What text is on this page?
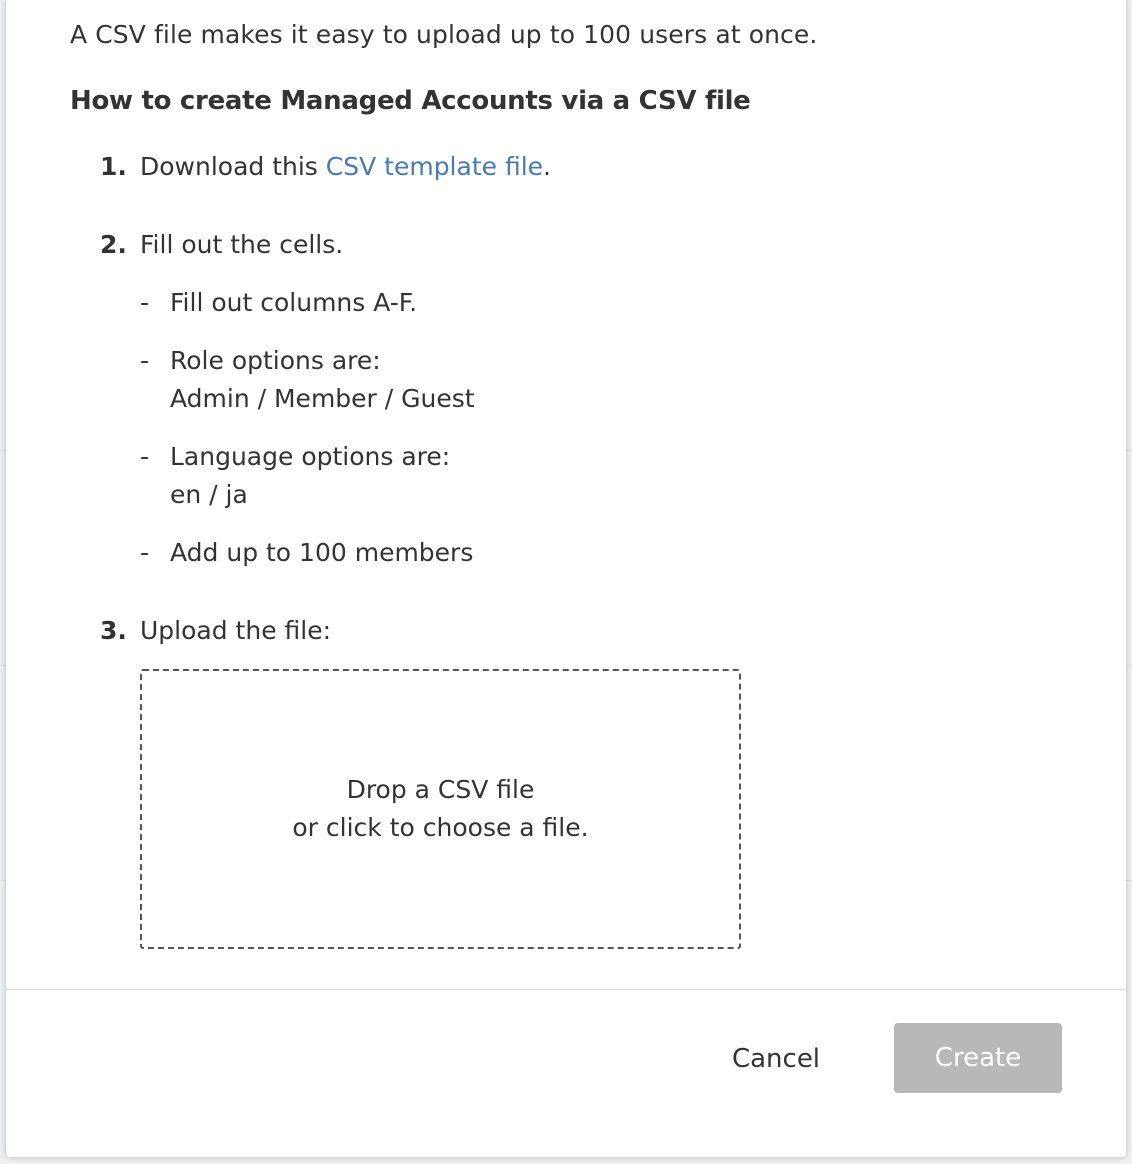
A CSV file makes it easy to upload up to 100 users at once.
How to create Managed Accounts via a CSV file
1. Download this CSV template file.
2. Fill out the cells.
- Fill out columns A-F.
- Role options are:
Admin / Member / Guest
- Language options are:
en / ja
- Add up to 100 members
3. Upload the file:
Drop a CSV file
or click to choose a file.
Cancel	Create
